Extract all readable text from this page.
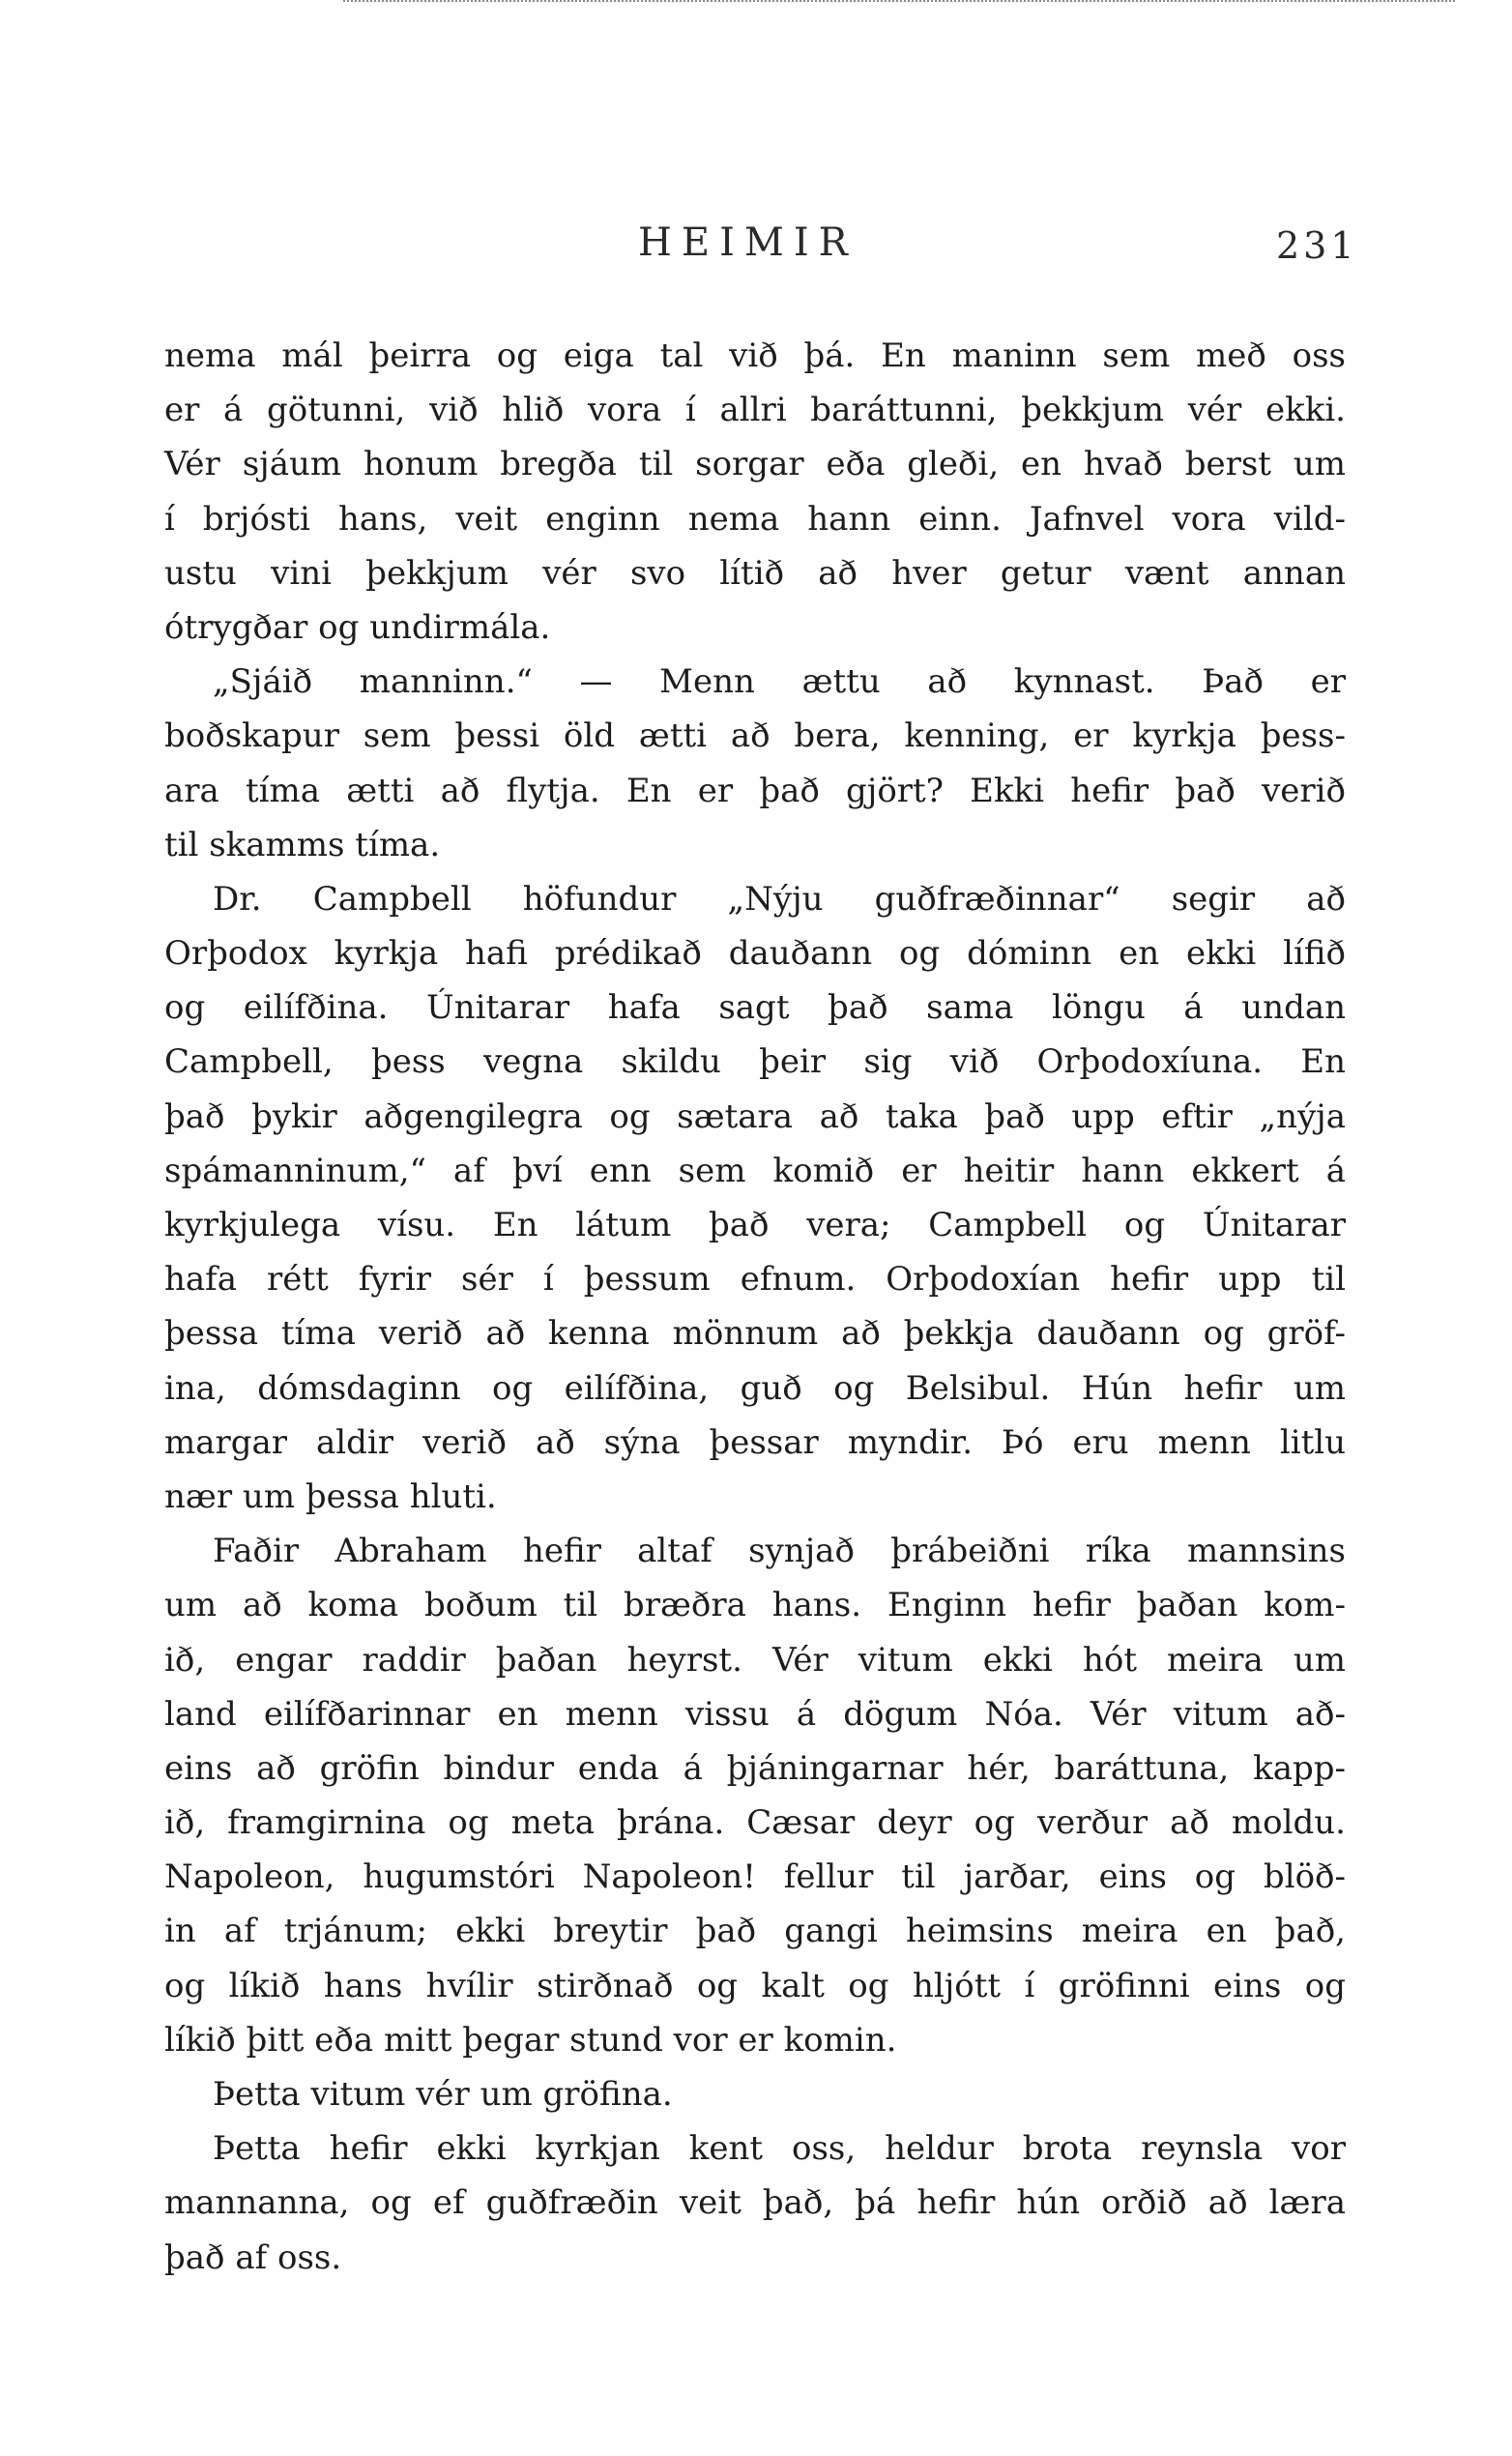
HEIMIR	231
nema mál þeirra og eiga tal við þá. En maninn sem með oss
er á götunni, við hlið vora í allri baráttunni, þekkjum vér ekki.
Vér sjáum honum bregða til sorgar eða gleði, en hvað berst um
í brjósti hans, veit enginn nema hann einn. Jafnvel vora vild-
ustu vini þekkjum vér svo lítið að hver getur vænt annan
ótrygðar og undirmála.
„Sjáið manninn.“ — Menn ættu að kynnast. Það er
boðskapur sem þessi öld ætti að bera, kenning, er kyrkja þess-
ara tíma ætti að flytja. En er það gjört? Ekki hefir það verið
til skamms tíma.
Dr. Campbell höfundur „Nýju guðfræðinnar“ segir að
Orþodox kyrkja hafi prédikað dauðann og dóminn en ekki lífið
og eilífðina. Únitarar hafa sagt það sama löngu á undan
Campbell, þess vegna skildu þeir sig við Orþodoxíuna. En
það þykir aðgengilegra og sætara að taka það upp eftir „nýja
spámanninum,“ af því enn sem komið er heitir hann ekkert á
kyrkjulega vísu. En látum það vera; Campbell og Únitarar
hafa rétt fyrir sér í þessum efnum. Orþodoxían hefir upp til
þessa tíma verið að kenna mönnum að þekkja dauðann og gröf-
ina, dómsdaginn og eilífðina, guð og Belsibul. Hún hefir um
margar aldir verið að sýna þessar myndir. Þó eru menn litlu
nær um þessa hluti.
Faðir Abraham hefir altaf synjað þrábeiðni ríka mannsins
um að koma boðum til bræðra hans. Enginn hefir þaðan kom-
ið, engar raddir þaðan heyrst. Vér vitum ekki hót meira um
land eilífðarinnar en menn vissu á dögum Nóa. Vér vitum að-
eins að gröfin bindur enda á þjáningarnar hér, baráttuna, kapp-
ið, framgirnina og meta þrána. Cæsar deyr og verður að moldu.
Napoleon, hugumstóri Napoleon! fellur til jarðar, eins og blöð-
in af trjánum; ekki breytir það gangi heimsins meira en það,
og líkið hans hvílir stirðnað og kalt og hljótt í gröfinni eins og
líkið þitt eða mitt þegar stund vor er komin.
Þetta vitum vér um gröfina.
Þetta hefir ekki kyrkjan kent oss, heldur brota reynsla vor
mannanna, og ef guðfræðin veit það, þá hefir hún orðið að læra
það af oss.
